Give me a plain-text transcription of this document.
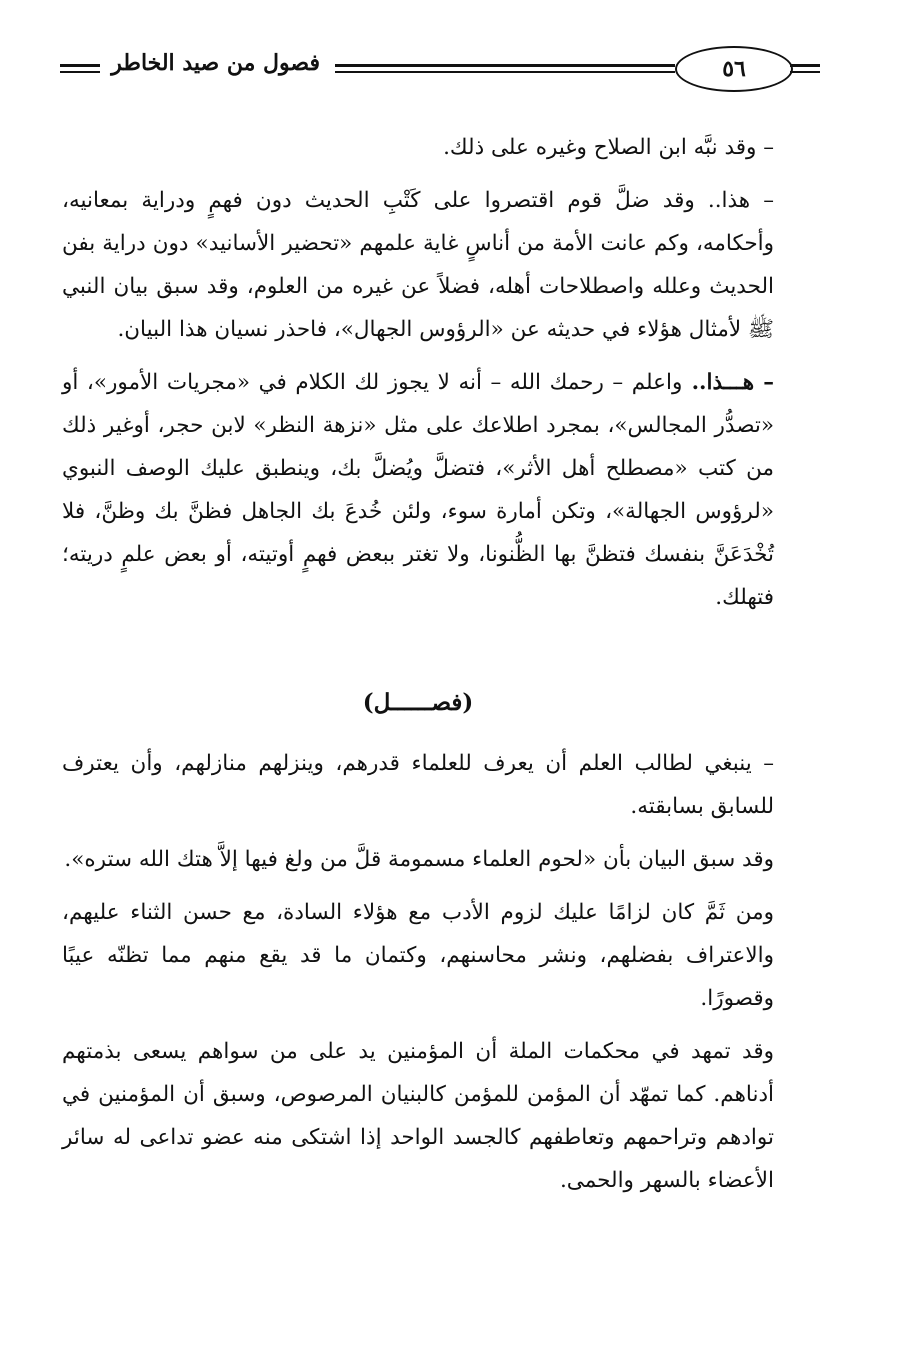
فصول من صيد الخاطر	٥٦

– وقد نبَّه ابن الصلاح وغيره على ذلك.

– هذا.. وقد ضلَّ قوم اقتصروا على كَتْبِ الحديث دون فهمٍ ودراية بمعانيه، وأحكامه، وكم عانت الأمة من أناسٍ غاية علمهم «تحضير الأسانيد» دون دراية بفن الحديث وعلله واصطلاحات أهله، فضلاً عن غيره من العلوم، وقد سبق بيان النبي ﷺ لأمثال هؤلاء في حديثه عن «الرؤوس الجهال»، فاحذر نسيان هذا البيان.

– هـــذا.. واعلم – رحمك الله – أنه لا يجوز لك الكلام في «مجريات الأمور»، أو «تصدُّر المجالس»، بمجرد اطلاعك على مثل «نزهة النظر» لابن حجر، أوغير ذلك من كتب «مصطلح أهل الأثر»، فتضلَّ ويُضلَّ بك، وينطبق عليك الوصف النبوي «لرؤوس الجهالة»، وتكن أمارة سوء، ولئن خُدعَ بك الجاهل فظنَّ بك وظنَّ، فلا تُخْدَعَنَّ بنفسك فتظنَّ بها الظُّنونا، ولا تغتر ببعض فهمٍ أوتيته، أو بعض علمٍ دريته؛ فتهلك.

(فصــــــل)

– ينبغي لطالب العلم أن يعرف للعلماء قدرهم، وينزلهم منازلهم، وأن يعترف للسابق بسابقته.

وقد سبق البيان بأن «لحوم العلماء مسمومة قلَّ من ولغ فيها إلاَّ هتك الله ستره».

ومن ثَمَّ كان لزامًا عليك لزوم الأدب مع هؤلاء السادة، مع حسن الثناء عليهم، والاعتراف بفضلهم، ونشر محاسنهم، وكتمان ما قد يقع منهم مما تظنّه عيبًا وقصورًا.

وقد تمهد في محكمات الملة أن المؤمنين يد على من سواهم يسعى بذمتهم أدناهم. كما تمهّد أن المؤمن للمؤمن كالبنيان المرصوص، وسبق أن المؤمنين في توادهم وتراحمهم وتعاطفهم كالجسد الواحد إذا اشتكى منه عضو تداعى له سائر الأعضاء بالسهر والحمى.
